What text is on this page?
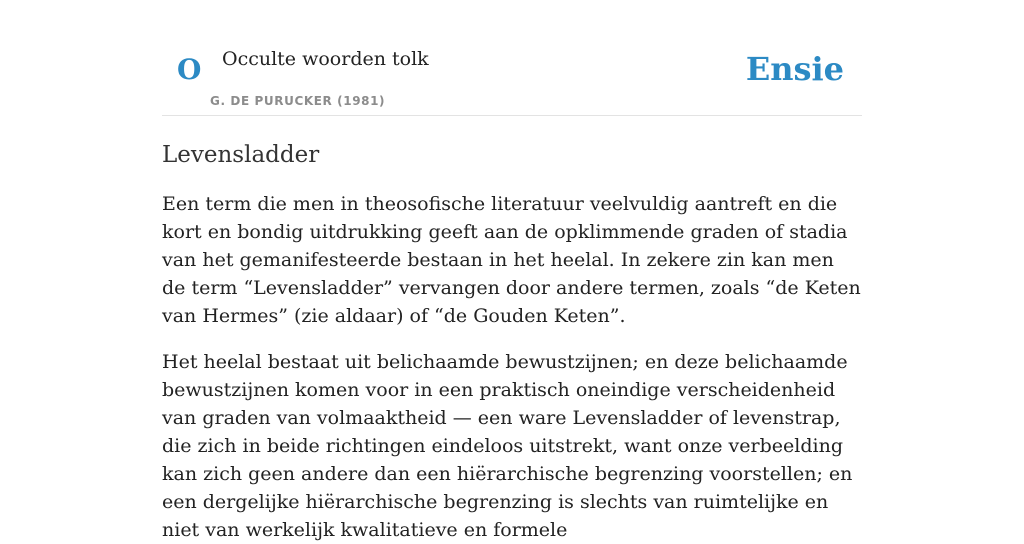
O Occulte woorden tolk
G. DE PURUCKER (1981)
Ensie
Levensladder

Een term die men in theosofische literatuur veelvuldig aantreft en die kort en bondig uitdrukking geeft aan de opklimmende graden of stadia van het gemanifesteerde bestaan in het heelal. In zekere zin kan men de term “Levensladder” vervangen door andere termen, zoals “de Keten van Hermes” (zie aldaar) of “de Gouden Keten”.

Het heelal bestaat uit belichaamde bewustzijnen; en deze belichaamde bewustzijnen komen voor in een praktisch oneindige verscheidenheid van graden van volmaaktheid — een ware Levensladder of levenstrap, die zich in beide richtingen eindeloos uitstrekt, want onze verbeelding kan zich geen andere dan een hiërarchische begrenzing voorstellen; en een dergelijke hiërarchische begrenzing is slechts van ruimtelijke en niet van werkelijk kwalitatieve en formele
